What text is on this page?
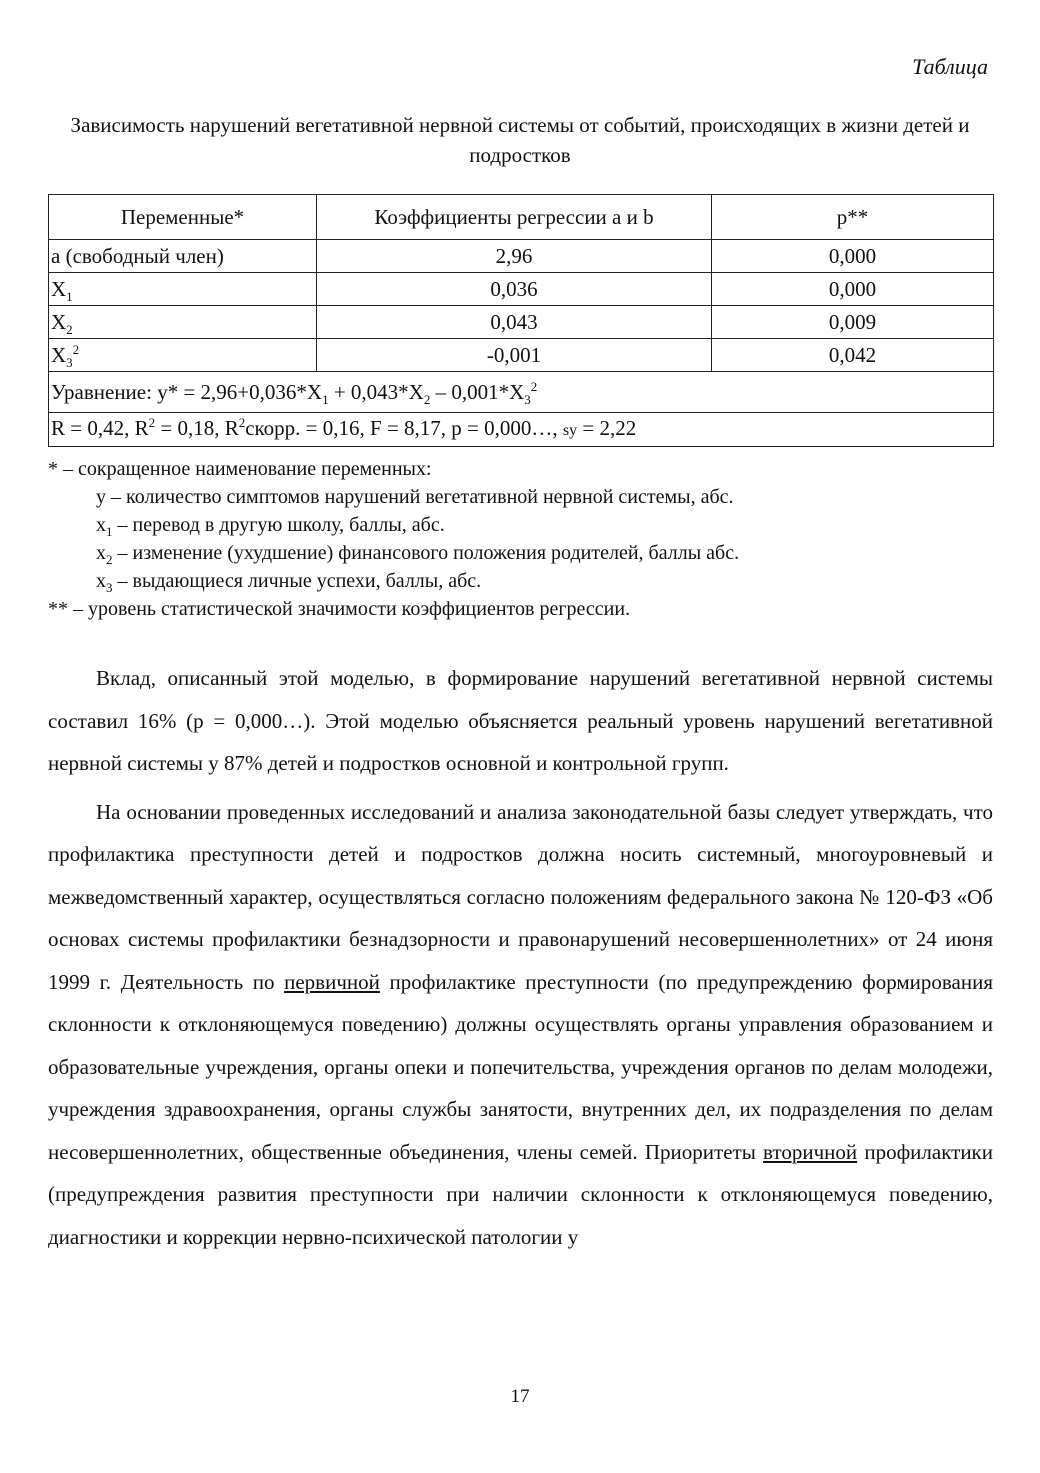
Таблица
Зависимость нарушений вегетативной нервной системы от событий, происходящих в жизни детей и подростков
Переменные*	Коэффициенты регрессии a и b	p**
a (свободный член)	2,96	0,000
$X_1$	0,036	0,000
$X_2$	0,043	0,009
$X_3^2$	-0,001	0,042
Уравнение: $y* = 2,96+0,036*X_1 + 0,043*X_2 - 0,001*X_3^2$
R = 0,42, $R^2 = 0,18$, $R^2скорр$. = 0,16, F = 8,17, p = 0,000…, sy = 2,22		
* – сокращенное наименование переменных:
y – количество симптомов нарушений вегетативной нервной системы, абс.
$x_1$ – перевод в другую школу, баллы, абс.
$x_2$ – изменение (ухудшение) финансового положения родителей, баллы абс.
$x_3$ – выдающиеся личные успехи, баллы, абс.
** – уровень статистической значимости коэффициентов регрессии.

Вклад, описанный этой моделью, в формирование нарушений вегетативной нервной системы составил 16% (p = 0,000…). Этой моделью объясняется реальный уровень нарушений вегетативной нервной системы у 87% детей и подростков основной и контрольной групп.

На основании проведенных исследований и анализа законодательной базы следует утверждать, что профилактика преступности детей и подростков должна носить системный, многоуровневый и межведомственный характер, осуществляться согласно положениям федерального закона № 120-ФЗ «Об основах системы профилактики безнадзорности и правонарушений несовершеннолетних» от 24 июня 1999 г. Деятельность по первичной профилактике преступности (по предупреждению формирования склонности к отклоняющемуся поведению) должны осуществлять органы управления образованием и образовательные учреждения, органы опеки и попечительства, учреждения органов по делам молодежи, учреждения здравоохранения, органы службы занятости, внутренних дел, их подразделения по делам несовершеннолетних, общественные объединения, члены семей. Приоритеты вторичной профилактики (предупреждения развития преступности при наличии склонности к отклоняющемуся поведению, диагностики и коррекции нервно-психической патологии у

17
